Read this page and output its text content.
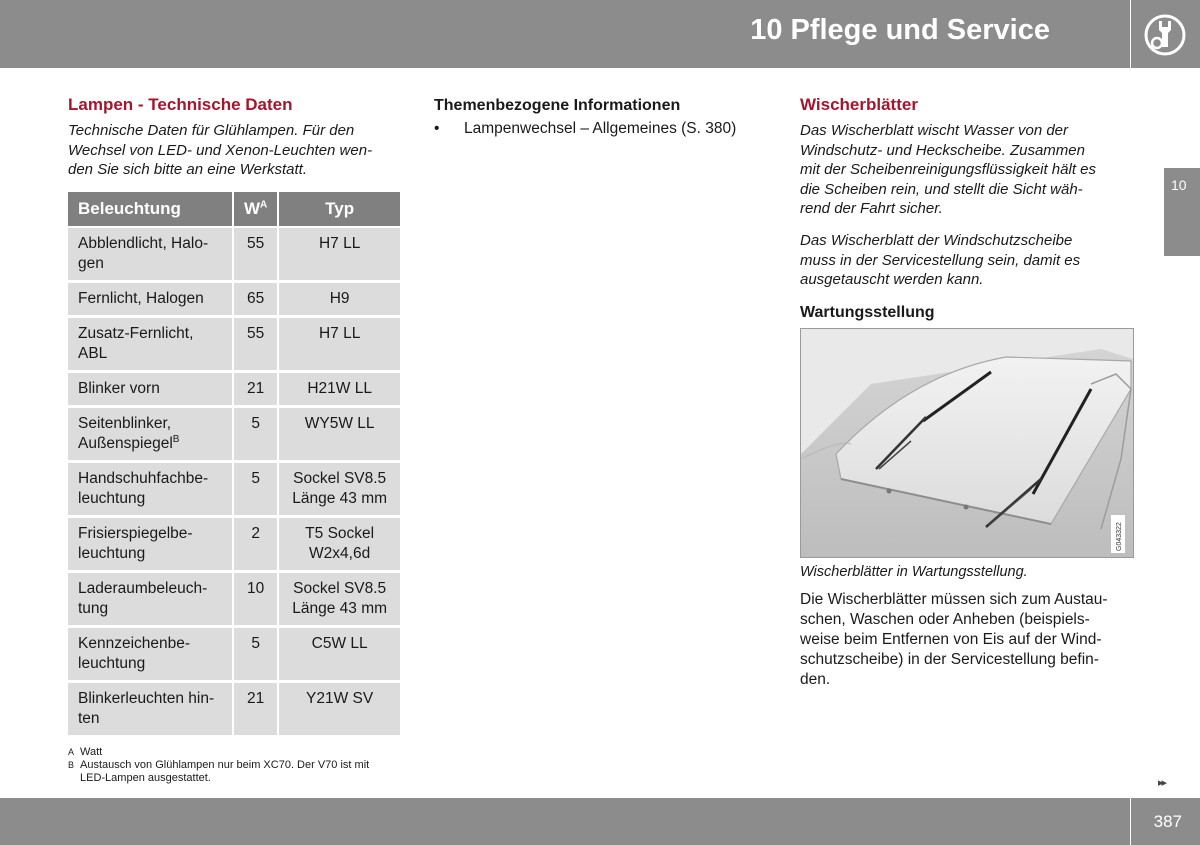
10 Pflege und Service
10
Lampen - Technische Daten

Technische Daten für Glühlampen. Für den
Wechsel von LED- und Xenon-Leuchten wen-
den Sie sich bitte an eine Werkstatt.

Beleuchtung	$W^A$	Typ
Abblendlicht, Halo-
gen	55	H7 LL
Fernlicht, Halogen	65	H9
Zusatz-Fernlicht,
ABL	55	H7 LL
Blinker vorn	21	H21W LL
Seitenblinker,
Außenspiegel$^B$	5	WY5W LL
Handschuhfachbe-
leuchtung	5	Sockel SV8.5
Länge 43 mm
Frisierspiegelbe-
leuchtung	2	T5 Sockel
W2x4,6d
Laderaumbeleuch-
tung	10	Sockel SV8.5
Länge 43 mm
Kennzeichenbe-
leuchtung	5	C5W LL
Blinkerleuchten hin-
ten	21	Y21W SV
A Watt
B Austausch von Glühlampen nur beim XC70. Der V70 ist mit
LED-Lampen ausgestattet.
Themenbezogene Informationen
•	Lampenwechsel – Allgemeines (S. 380)
Wischerblätter

Das Wischerblatt wischt Wasser von der
Windschutz- und Heckscheibe. Zusammen
mit der Scheibenreinigungsflüssigkeit hält es
die Scheiben rein, und stellt die Sicht wäh-
rend der Fahrt sicher.

Das Wischerblatt der Windschutzscheibe
muss in der Servicestellung sein, damit es
ausgetauscht werden kann.

Wartungsstellung
G043322

Wischerblätter in Wartungsstellung.

Die Wischerblätter müssen sich zum Austau-
schen, Waschen oder Anheben (beispiels-
weise beim Entfernen von Eis auf der Wind-
schutzscheibe) in der Servicestellung befin-
den.

▸▸
387
